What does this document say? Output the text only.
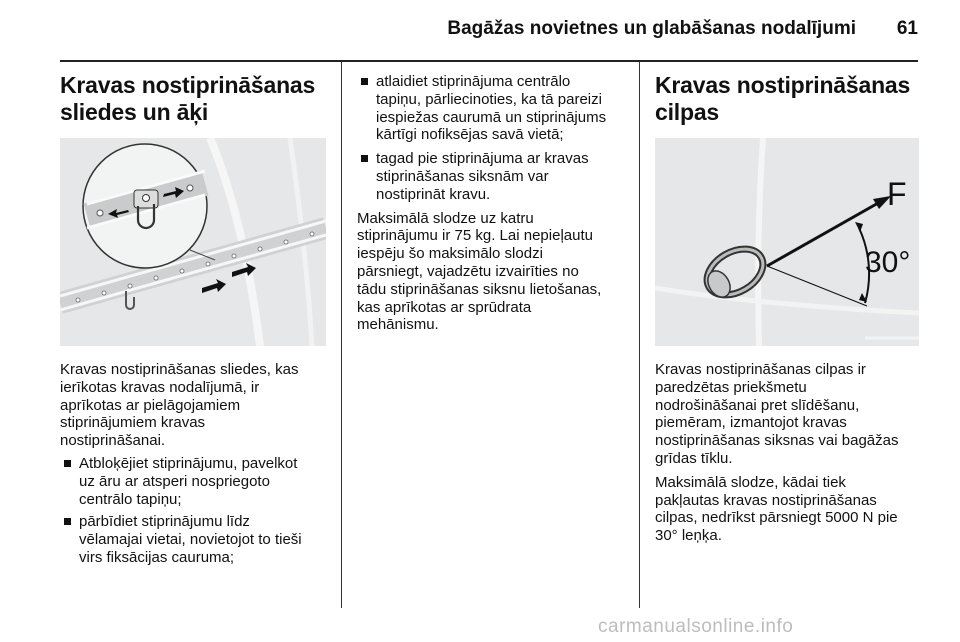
Bagāžas novietnes un glabāšanas nodalījumi 61
Kravas nostiprināšanas
sliedes un āķi

Kravas nostiprināšanas sliedes, kas
ierīkotas kravas nodalījumā, ir
aprīkotas ar pielāgojamiem
stiprinājumiem kravas
nostiprināšanai.

Atbloķējiet stiprinājumu, pavelkot
uz āru ar atsperi nospriegoto
centrālo tapiņu;
pārbīdiet stiprinājumu līdz
vēlamajai vietai, novietojot to tieši
virs fiksācijas cauruma;
atlaidiet stiprinājuma centrālo
tapiņu, pārliecinoties, ka tā pareizi
iespiežas caurumā un stiprinājums
kārtīgi nofiksējas savā vietā;
tagad pie stiprinājuma ar kravas
stiprināšanas siksnām var
nostiprināt kravu.

Maksimālā slodze uz katru
stiprinājumu ir 75 kg. Lai nepieļautu
iespēju šo maksimālo slodzi
pārsniegt, vajadzētu izvairīties no
tādu stiprināšanas siksnu lietošanas,
kas aprīkotas ar sprūdrata
mehānismu.

Kravas nostiprināšanas
cilpas
F
30°

Kravas nostiprināšanas cilpas ir
paredzētas priekšmetu
nodrošināšanai pret slīdēšanu,
piemēram, izmantojot kravas
nostiprināšanas siksnas vai bagāžas
grīdas tīklu.

Maksimālā slodze, kādai tiek
pakļautas kravas nostiprināšanas
cilpas, nedrīkst pārsniegt 5000 N pie
30° leņķa.

carmanualsonline.info
